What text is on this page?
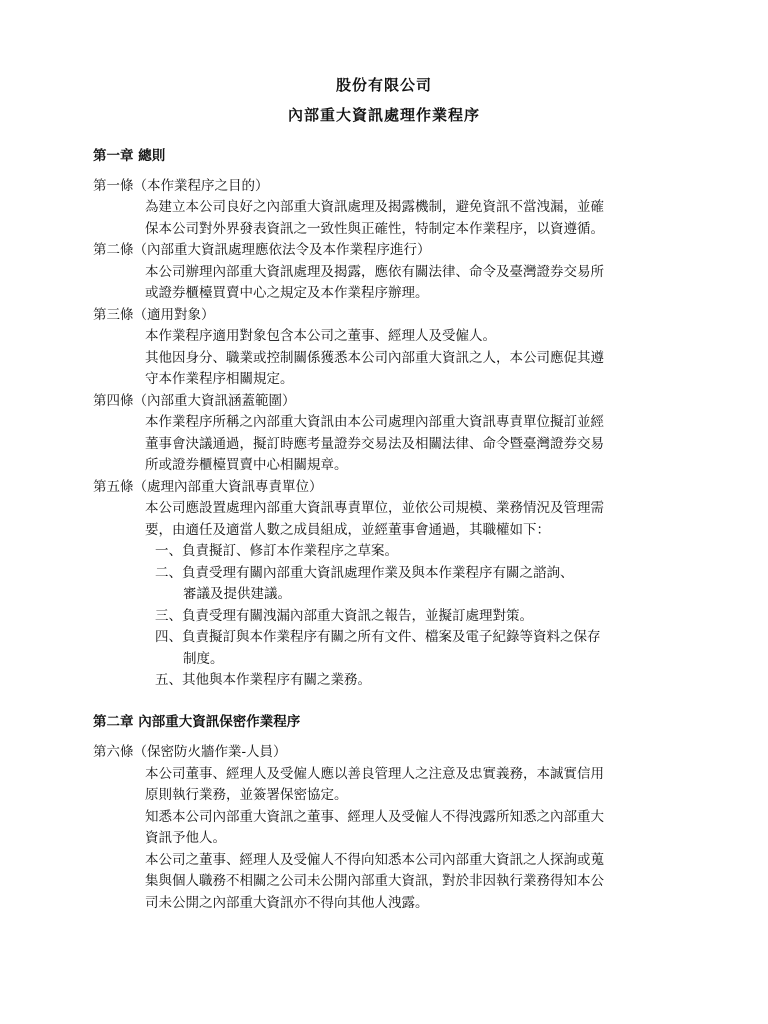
股份有限公司
內部重大資訊處理作業程序
第一章 總則
第一條（本作業程序之目的）
為建立本公司良好之內部重大資訊處理及揭露機制，避免資訊不當洩漏，並確
保本公司對外界發表資訊之一致性與正確性，特制定本作業程序，以資遵循。
第二條（內部重大資訊處理應依法令及本作業程序進行）
本公司辦理內部重大資訊處理及揭露，應依有關法律、命令及臺灣證券交易所
或證券櫃檯買賣中心之規定及本作業程序辦理。
第三條（適用對象）
本作業程序適用對象包含本公司之董事、經理人及受僱人。
其他因身分、職業或控制關係獲悉本公司內部重大資訊之人，本公司應促其遵
守本作業程序相關規定。
第四條（內部重大資訊涵蓋範圍）
本作業程序所稱之內部重大資訊由本公司處理內部重大資訊專責單位擬訂並經
董事會決議通過，擬訂時應考量證券交易法及相關法律、命令暨臺灣證券交易
所或證券櫃檯買賣中心相關規章。
第五條（處理內部重大資訊專責單位）
本公司應設置處理內部重大資訊專責單位，並依公司規模、業務情況及管理需
要，由適任及適當人數之成員組成，並經董事會通過，其職權如下：
一、負責擬訂、修訂本作業程序之草案。
二、負責受理有關內部重大資訊處理作業及與本作業程序有關之諮詢、
審議及提供建議。
三、負責受理有關洩漏內部重大資訊之報告，並擬訂處理對策。
四、負責擬訂與本作業程序有關之所有文件、檔案及電子紀錄等資料之保存
制度。
五、其他與本作業程序有關之業務。
第二章 內部重大資訊保密作業程序
第六條（保密防火牆作業-人員）
本公司董事、經理人及受僱人應以善良管理人之注意及忠實義務，本誠實信用
原則執行業務，並簽署保密協定。
知悉本公司內部重大資訊之董事、經理人及受僱人不得洩露所知悉之內部重大
資訊予他人。
本公司之董事、經理人及受僱人不得向知悉本公司內部重大資訊之人探詢或蒐
集與個人職務不相關之公司未公開內部重大資訊，對於非因執行業務得知本公
司未公開之內部重大資訊亦不得向其他人洩露。
